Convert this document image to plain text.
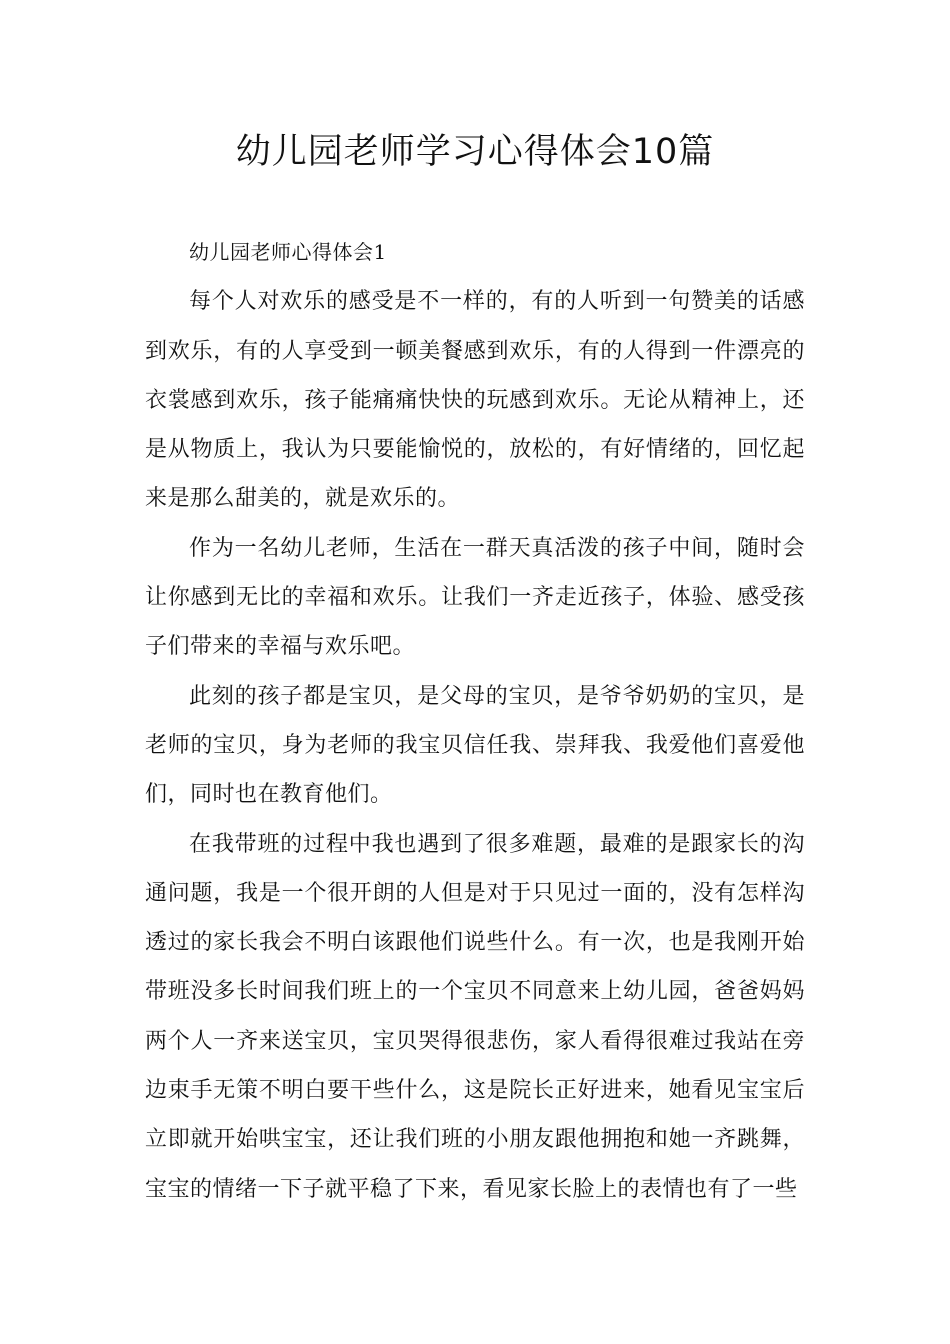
幼儿园老师学习心得体会10篇

幼儿园老师心得体会1

每个人对欢乐的感受是不一样的，有的人听到一句赞美的话感到欢乐，有的人享受到一顿美餐感到欢乐，有的人得到一件漂亮的衣裳感到欢乐，孩子能痛痛快快的玩感到欢乐。无论从精神上，还是从物质上，我认为只要能愉悦的，放松的，有好情绪的，回忆起来是那么甜美的，就是欢乐的。

作为一名幼儿老师，生活在一群天真活泼的孩子中间，随时会让你感到无比的幸福和欢乐。让我们一齐走近孩子，体验、感受孩子们带来的幸福与欢乐吧。

此刻的孩子都是宝贝，是父母的宝贝，是爷爷奶奶的宝贝，是老师的宝贝，身为老师的我宝贝信任我、崇拜我、我爱他们喜爱他们，同时也在教育他们。

在我带班的过程中我也遇到了很多难题，最难的是跟家长的沟通问题，我是一个很开朗的人但是对于只见过一面的，没有怎样沟透过的家长我会不明白该跟他们说些什么。有一次，也是我刚开始带班没多长时间我们班上的一个宝贝不同意来上幼儿园，爸爸妈妈两个人一齐来送宝贝，宝贝哭得很悲伤，家人看得很难过我站在旁边束手无策不明白要干些什么，这是院长正好进来，她看见宝宝后立即就开始哄宝宝，还让我们班的小朋友跟他拥抱和她一齐跳舞，宝宝的情绪一下子就平稳了下来，看见家长脸上的表情也有了一些
